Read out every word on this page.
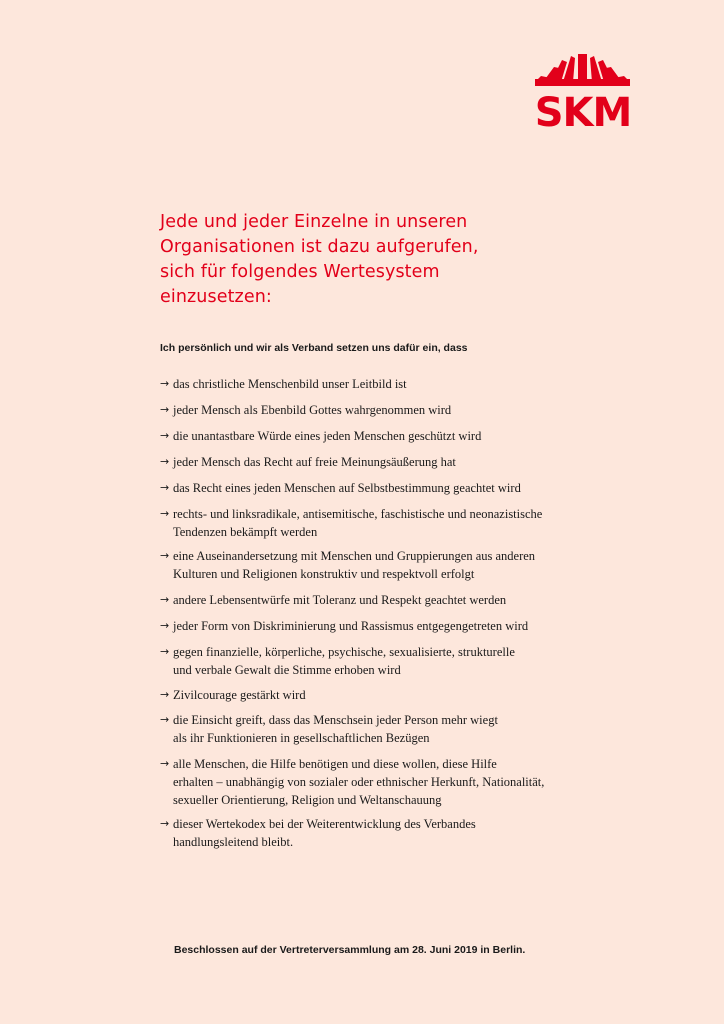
SKM
Jede und jeder Einzelne in unseren
Organisationen ist dazu aufgerufen,
sich für folgendes Wertesystem
einzusetzen:
Ich persönlich und wir als Verband setzen uns dafür ein, dass
→ das christliche Menschenbild unser Leitbild ist
→ jeder Mensch als Ebenbild Gottes wahrgenommen wird
→ die unantastbare Würde eines jeden Menschen geschützt wird
→ jeder Mensch das Recht auf freie Meinungsäußerung hat
→ das Recht eines jeden Menschen auf Selbstbestimmung geachtet wird
→ rechts- und linksradikale, antisemitische, faschistische und neonazistische
Tendenzen bekämpft werden
→ eine Auseinandersetzung mit Menschen und Gruppierungen aus anderen
Kulturen und Religionen konstruktiv und respektvoll erfolgt
→ andere Lebensentwürfe mit Toleranz und Respekt geachtet werden
→ jeder Form von Diskriminierung und Rassismus entgegengetreten wird
→ gegen finanzielle, körperliche, psychische, sexualisierte, strukturelle
und verbale Gewalt die Stimme erhoben wird
→ Zivilcourage gestärkt wird
→ die Einsicht greift, dass das Menschsein jeder Person mehr wiegt
als ihr Funktionieren in gesellschaftlichen Bezügen
→ alle Menschen, die Hilfe benötigen und diese wollen, diese Hilfe
erhalten – unabhängig von sozialer oder ethnischer Herkunft, Nationalität,
sexueller Orientierung, Religion und Weltanschauung
→ dieser Wertekodex bei der Weiterentwicklung des Verbandes
handlungsleitend bleibt.
Beschlossen auf der Vertreterversammlung am 28. Juni 2019 in Berlin.
